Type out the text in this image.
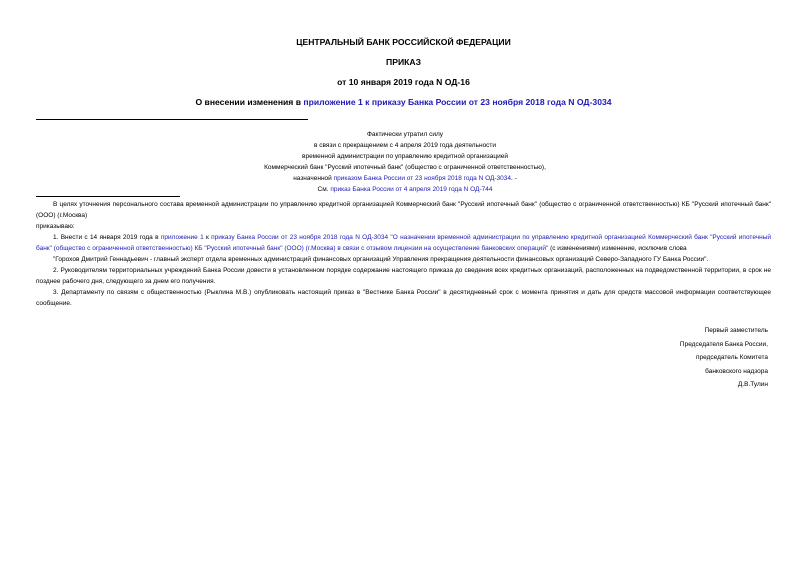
ЦЕНТРАЛЬНЫЙ БАНК РОССИЙСКОЙ ФЕДЕРАЦИИ
ПРИКАЗ
от 10 января 2019 года N ОД-16
О внесении изменения в приложение 1 к приказу Банка России от 23 ноября 2018 года N ОД-3034
Фактически утратил силу
в связи с прекращением с 4 апреля 2019 года деятельности
временной администрации по управлению кредитной организацией
Коммерческий банк "Русский ипотечный банк" (общество с ограниченной ответственностью),
назначенной приказом Банка России от 23 ноября 2018 года N ОД-3034. -
См. приказ Банка России от 4 апреля 2019 года N ОД-744

В целях уточнения персонального состава временной администрации по управлению кредитной организацией Коммерческий банк "Русский ипотечный банк" (общество с ограниченной ответственностью) КБ "Русский ипотечный банк" (ООО) (г.Москва)

приказываю:

1. Внести с 14 января 2019 года в приложение 1 к приказу Банка России от 23 ноября 2018 года N ОД-3034 "О назначении временной администрации по управлению кредитной организацией Коммерческий банк "Русский ипотечный банк" (общество с ограниченной ответственностью) КБ "Русский ипотечный банк" (ООО) (г.Москва) в связи с отзывом лицензии на осуществление банковских операций" (с изменениями) изменение, исключив слова

"Горохов Дмитрий Геннадьевич - главный эксперт отдела временных администраций финансовых организаций Управления прекращения деятельности финансовых организаций Северо-Западного ГУ Банка России".

2. Руководителям территориальных учреждений Банка России довести в установленном порядке содержание настоящего приказа до сведения всех кредитных организаций, расположенных на подведомственной территории, в срок не позднее рабочего дня, следующего за днем его получения.

3. Департаменту по связям с общественностью (Рыклина М.В.) опубликовать настоящий приказ в "Вестнике Банка России" в десятидневный срок с момента принятия и дать для средств массовой информации соответствующее сообщение.

Первый заместитель
Председателя Банка России,
председатель Комитета
банковского надзора
Д.В.Тулин
